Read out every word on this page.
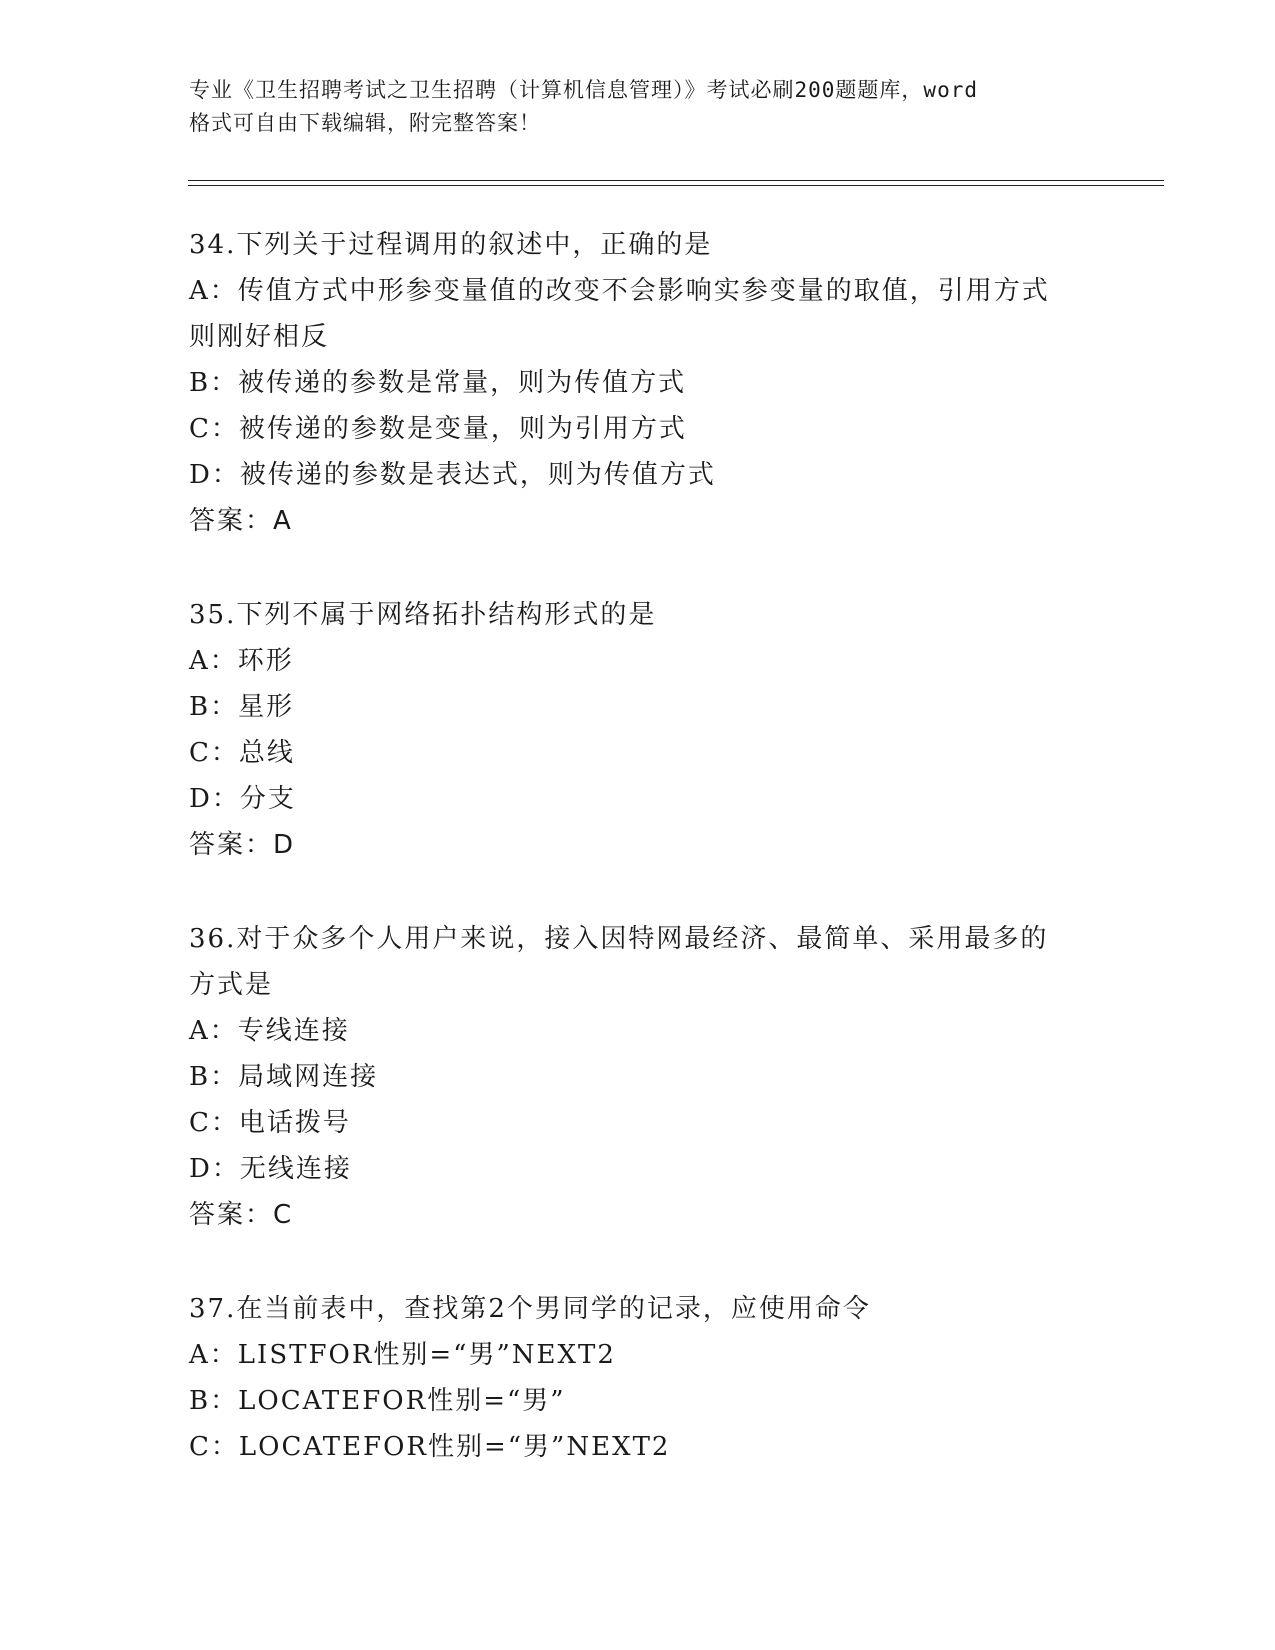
专业《卫生招聘考试之卫生招聘（计算机信息管理）》考试必刷200题题库，word
格式可自由下载编辑，附完整答案！
34.下列关于过程调用的叙述中，正确的是
A：传值方式中形参变量值的改变不会影响实参变量的取值，引用方式
则刚好相反
B：被传递的参数是常量，则为传值方式
C：被传递的参数是变量，则为引用方式
D：被传递的参数是表达式，则为传值方式
答案：A
35.下列不属于网络拓扑结构形式的是
A：环形
B：星形
C：总线
D：分支
答案：D
36.对于众多个人用户来说，接入因特网最经济、最简单、采用最多的
方式是
A：专线连接
B：局域网连接
C：电话拨号
D：无线连接
答案：C
37.在当前表中，查找第2个男同学的记录，应使用命令
A：LISTFOR性别=“男”NEXT2
B：LOCATEFOR性别=“男”
C：LOCATEFOR性别=“男”NEXT2
